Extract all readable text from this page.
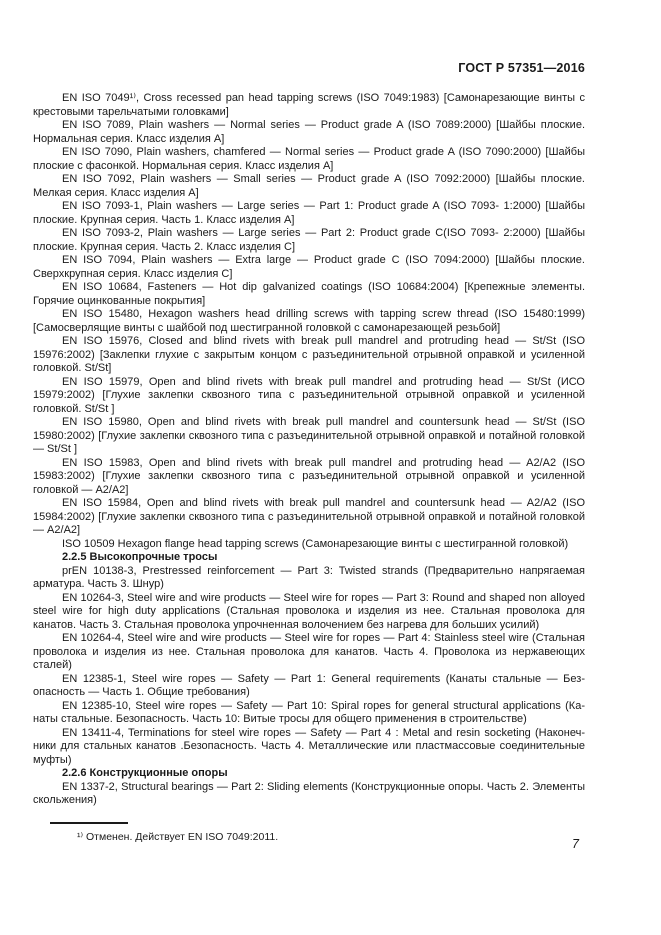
ГОСТ Р 57351—2016

EN ISO 7049¹⁾, Cross recessed pan head tapping screws (ISO 7049:1983) [Самонарезающие винты с крестовыми тарельчатыми головками]

EN ISO 7089, Plain washers — Normal series — Product grade A (ISO 7089:2000) [Шайбы плоские. Нормальная серия. Класс изделия A]

EN ISO 7090, Plain washers, chamfered — Normal series — Product grade A (ISO 7090:2000) [Шайбы плоские с фасонкой. Нормальная серия. Класс изделия A]

EN ISO 7092, Plain washers — Small series — Product grade A (ISO 7092:2000) [Шайбы плоские. Мелкая серия. Класс изделия A]

EN ISO 7093-1, Plain washers — Large series — Part 1: Product grade A (ISO 7093- 1:2000) [Шайбы плоские. Крупная серия. Часть 1. Класс изделия A]

EN ISO 7093-2, Plain washers — Large series — Part 2: Product grade C(ISO 7093- 2:2000) [Шайбы плоские. Крупная серия. Часть 2. Класс изделия C]

EN ISO 7094, Plain washers — Extra large — Product grade C (ISO 7094:2000) [Шайбы плоские. Сверхкрупная серия. Класс изделия C]

EN ISO 10684, Fasteners — Hot dip galvanized coatings (ISO 10684:2004) [Крепежные элементы. Горячие оцинкованные покрытия]

EN ISO 15480, Hexagon washers head drilling screws with tapping screw thread (ISO 15480:1999) [Самосверлящие винты с шайбой под шестигранной головкой с самонарезающей резьбой]

EN ISO 15976, Closed and blind rivets with break pull mandrel and protruding head — St/St (ISO 15976:2002) [Заклепки глухие с закрытым концом с разъединительной отрывной оправкой и усиленной головкой. St/St]

EN ISO 15979, Open and blind rivets with break pull mandrel and protruding head — St/St (ИСО 15979:2002) [Глухие заклепки сквозного типа с разъединительной отрывной оправкой и усиленной головкой. St/St ]

EN ISO 15980, Open and blind rivets with break pull mandrel and countersunk head — St/St (ISO 15980:2002) [Глухие заклепки сквозного типа с разъединительной отрывной оправкой и потайной головкой — St/St ]

EN ISO 15983, Open and blind rivets with break pull mandrel and protruding head — A2/A2 (ISO 15983:2002) [Глухие заклепки сквозного типа с разъединительной отрывной оправкой и усиленной головкой — A2/A2]

EN ISO 15984, Open and blind rivets with break pull mandrel and countersunk head — A2/A2 (ISO 15984:2002) [Глухие заклепки сквозного типа с разъединительной отрывной оправкой и потайной головкой — A2/A2]

ISO 10509 Hexagon flange head tapping screws (Самонарезающие винты с шестигранной головкой)

2.2.5 Высокопрочные тросы

prEN 10138-3, Prestressed reinforcement — Part 3: Twisted strands (Предварительно напрягаемая арматура. Часть 3. Шнур)

EN 10264-3, Steel wire and wire products — Steel wire for ropes — Part 3: Round and shaped non alloyed steel wire for high duty applications (Стальная проволока и изделия из нее. Стальная проволока для канатов. Часть 3. Стальная проволока упрочненная волочением без нагрева для больших усилий)

EN 10264-4, Steel wire and wire products — Steel wire for ropes — Part 4: Stainless steel wire (Стальная проволока и изделия из нее. Стальная проволока для канатов. Часть 4. Проволока из нержавеющих сталей)

EN 12385-1, Steel wire ropes — Safety — Part 1: General requirements (Канаты стальные — Безопасность — Часть 1. Общие требования)

EN 12385-10, Steel wire ropes — Safety — Part 10: Spiral ropes for general structural applications (Канаты стальные. Безопасность. Часть 10: Витые тросы для общего применения в строительстве)

EN 13411-4, Terminations for steel wire ropes — Safety — Part 4 : Metal and resin socketing (Наконечники для стальных канатов .Безопасность. Часть 4. Металлические или пластмассовые соединительные муфты)

2.2.6 Конструкционные опоры

EN 1337-2, Structural bearings — Part 2: Sliding elements (Конструкционные опоры. Часть 2. Элементы скольжения)

¹⁾ Отменен. Действует EN ISO 7049:2011.	7
